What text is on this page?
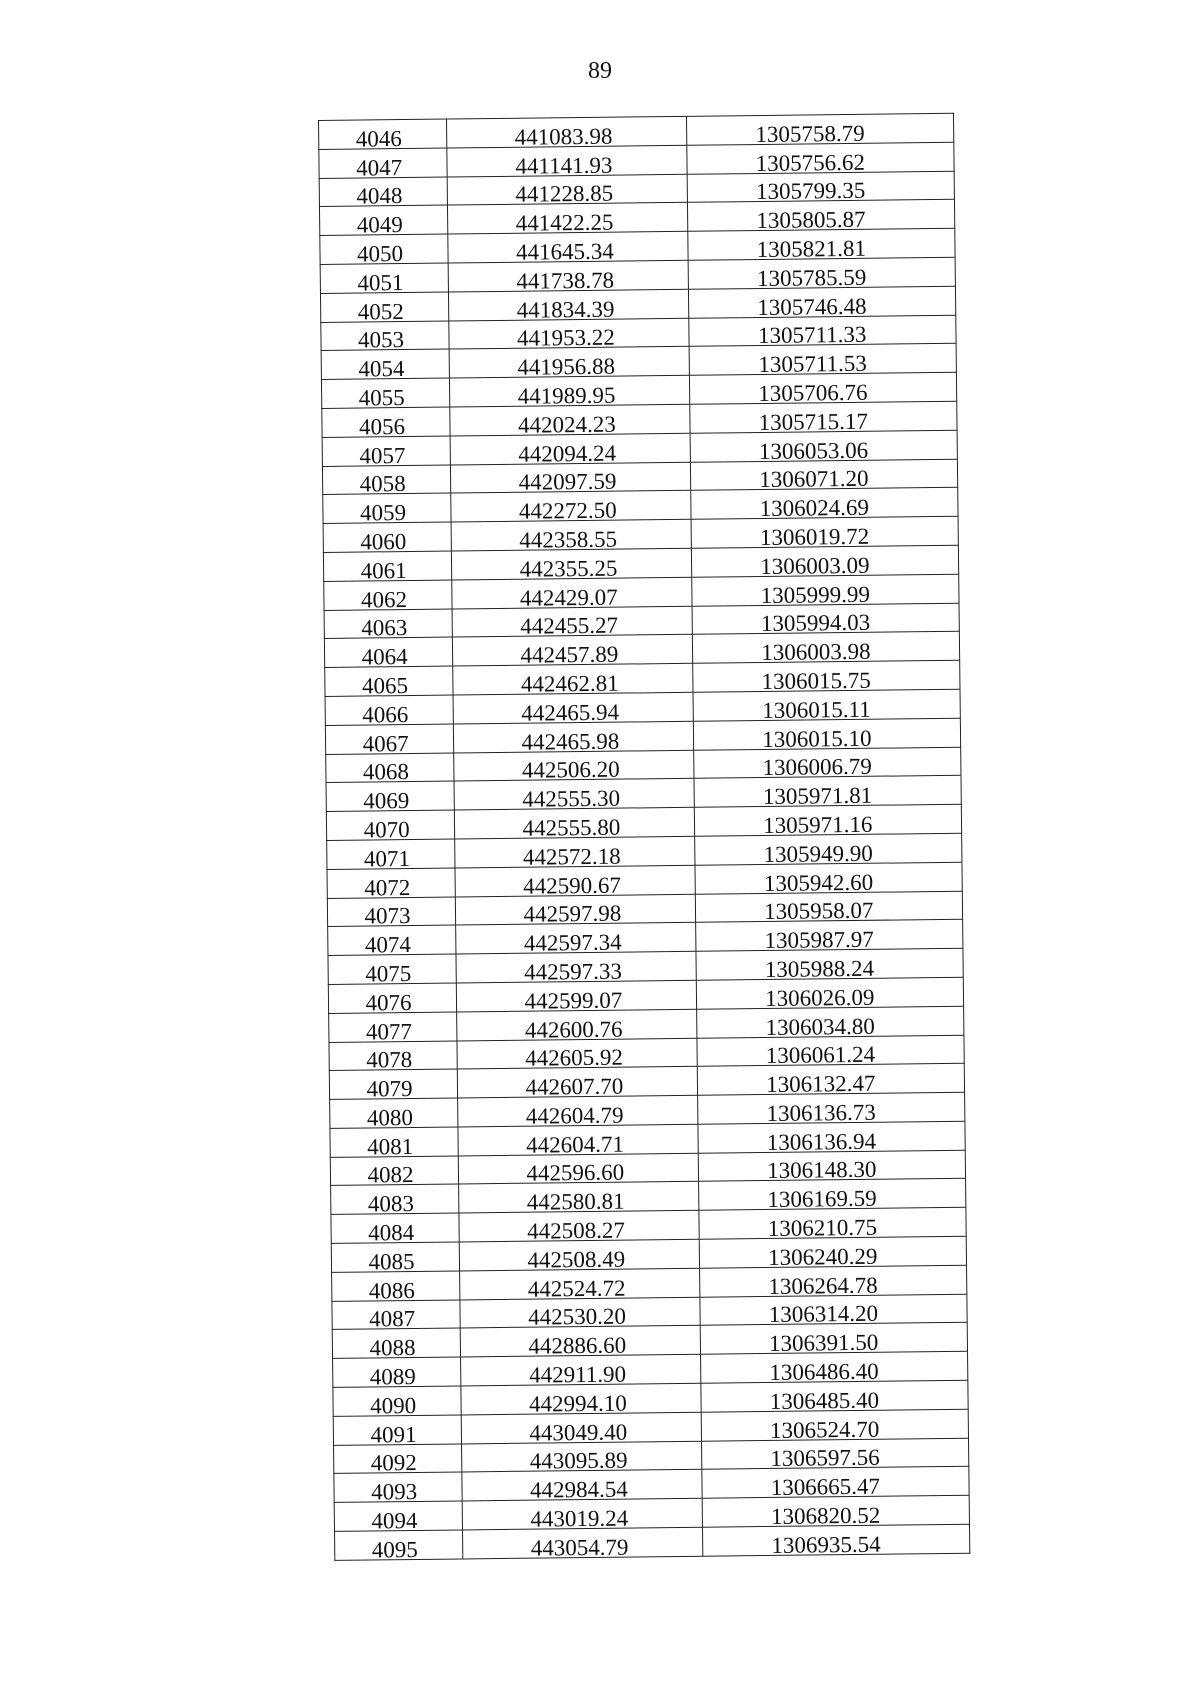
89
4046	441083.98	1305758.79
4047	441141.93	1305756.62
4048	441228.85	1305799.35
4049	441422.25	1305805.87
4050	441645.34	1305821.81
4051	441738.78	1305785.59
4052	441834.39	1305746.48
4053	441953.22	1305711.33
4054	441956.88	1305711.53
4055	441989.95	1305706.76
4056	442024.23	1305715.17
4057	442094.24	1306053.06
4058	442097.59	1306071.20
4059	442272.50	1306024.69
4060	442358.55	1306019.72
4061	442355.25	1306003.09
4062	442429.07	1305999.99
4063	442455.27	1305994.03
4064	442457.89	1306003.98
4065	442462.81	1306015.75
4066	442465.94	1306015.11
4067	442465.98	1306015.10
4068	442506.20	1306006.79
4069	442555.30	1305971.81
4070	442555.80	1305971.16
4071	442572.18	1305949.90
4072	442590.67	1305942.60
4073	442597.98	1305958.07
4074	442597.34	1305987.97
4075	442597.33	1305988.24
4076	442599.07	1306026.09
4077	442600.76	1306034.80
4078	442605.92	1306061.24
4079	442607.70	1306132.47
4080	442604.79	1306136.73
4081	442604.71	1306136.94
4082	442596.60	1306148.30
4083	442580.81	1306169.59
4084	442508.27	1306210.75
4085	442508.49	1306240.29
4086	442524.72	1306264.78
4087	442530.20	1306314.20
4088	442886.60	1306391.50
4089	442911.90	1306486.40
4090	442994.10	1306485.40
4091	443049.40	1306524.70
4092	443095.89	1306597.56
4093	442984.54	1306665.47
4094	443019.24	1306820.52
4095	443054.79	1306935.54
